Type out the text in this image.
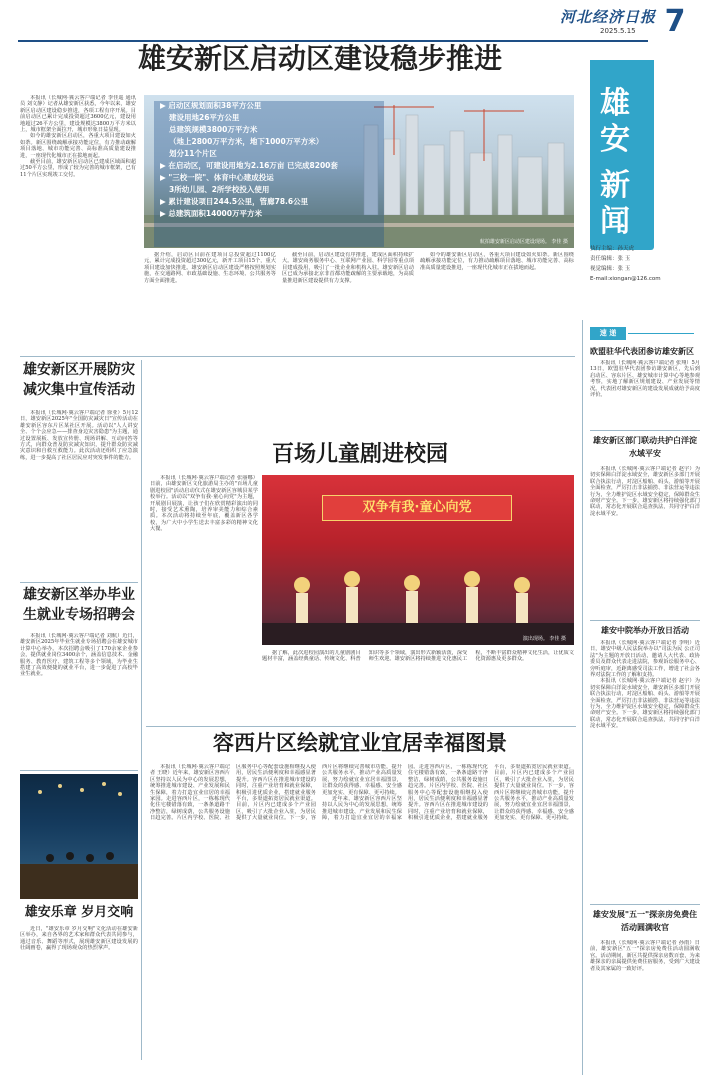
河北经济日报
2025.5.15 7
雄
安
新
闻
执行主编：孙天虎
责任编辑：张 玉
视觉编辑：张 玉
E-mail:xiongan@126.com
速 递
雄安新区启动区建设稳步推进

本报讯（长城网·冀云客户端记者 李佳遥 通讯员 刘文静）记者从雄安新区获悉，今年以来，雄安新区启动区建设稳步推进，各项工程有序开展。目前启动区已累计完成投资超过3600亿元，建设用地超过26平方公里，建设规模达3800万平方米以上，城市框架全面拉开，城市形象日益显现。

如今的雄安新区启动区，各重大项目建设如火如荼。新区围绕疏解承接功能定位，有力推动疏解项目落地、城市功能完善、高标准高质量建设推进，一座现代化城市正在拔地而起。

截至目前，雄安新区启动区已建成区域面积超过50平方公里，形成了较为完善的城市框架，已有11个片区实现竣工交付。

航拍雄安新区启动区建设现场。 李佳 摄
▶ 启动区规划面积38平方公里
建设用地26平方公里
总建筑规模3800万平方米
（地上2800万平方米，地下1000万平方米）
划分11个片区
▶ 在启动区，可建设用地为2.16万亩 已完成8200套
▶ "三校一院"、体育中心建成投运
3所幼儿园、2所学校投入使用
▶ 累计建设项目244.5公里，管廊78.6公里
▶ 总建筑面积14000万平方米

据介绍，启动区目前在建项目总投资超过1100亿元，累计完成投资超过300亿元，新开工项目15个，重大项目建设加快推进。雄安新区启动区建设严格按照规划实施，在交通路网、市政基础设施、生态环境、公共服务等方面全面推进。

截至目前，启动区建设有序推进，建成区面积持续扩大。雄安商务服务中心、互联网产业园、科学园等重点项目建成投用，吸引了一批企业和机构入驻。雄安新区启动区已成为承接北京非首都功能疏解的主要承载地，为高质量推进新区建设提供有力支撑。

如今的雄安新区启动区，各重大项目建设如火如荼。新区围绕疏解承接功能定位，有力推动疏解项目落地、城市功能完善、高标准高质量建设推进，一座现代化城市正在拔地而起。

雄安新区开展防灾减灾集中宣传活动

本报讯（长城网·冀云客户端记者 徐亚）5月12日，雄安新区2025年"全国防灾减灾日"宣传活动在雄安新区容东片区某社区开展。活动以"人人讲安全、个个会应急——排查身边灾害隐患"为主题，通过设置展板、发放宣传册、现场讲解、互动问答等方式，向群众普及防灾减灾知识，提升群众防灾减灾意识和自救互救能力。此次活动还组织了应急演练，进一步提高了社区居民应对突发事件的能力。

雄安新区举办毕业生就业专场招聘会

本报讯（长城网·冀云客户端记者 刘航）近日，雄安新区2025年毕业生就业专场招聘会在雄安城市计算中心举办。本次招聘会吸引了170余家企业参会，提供就业岗位3400余个，涵盖信息技术、金融服务、教育医疗、建筑工程等多个领域，为毕业生搭建了高效便捷的就业平台，进一步促进了高校毕业生就业。

雄安乐章 岁月交响

近日，"雄安乐章 岁月交响"文化活动在雄安新区举办，来自各界的艺术家和群众代表共同参与，通过音乐、舞蹈等形式，展现雄安新区建设发展的壮阔画卷，赢得了现场观众的热烈掌声。

百场儿童剧进校园

本报讯（长城网·冀云客户端记者 张丽娜）日前，由雄安新区文化旅游局主办的"百场儿童剧进校园"活动启动仪式在雄安新区容城县某学校举行。活动以"双争有我·童心向党"为主题，开展剧目展演，让孩子们在欣赏精彩演出的同时，接受艺术熏陶，培养审美能力和综合素质。本次活动将持续至年底，覆盖新区各学校，为广大中小学生送去丰富多彩的精神文化大餐。

双争有我·童心向党
演出现场。 李佳 摄

据了解，此次进校园演出的儿童剧剧目题材丰富，涵盖经典童话、传统文化、科普知识等多个领域，演出形式新颖活泼，深受师生欢迎。雄安新区将持续推进文化惠民工程，不断丰富群众精神文化生活，让优质文化资源惠及更多群众。

容西片区绘就宜业宜居幸福图景

本报讯（长城网·冀云客户端记者 王晓）近年来，雄安新区容西片区坚持以人民为中心的发展思想，统筹推进城市建设、产业发展和民生保障，着力打造宜业宜居的幸福家园。走进容西片区，一栋栋现代化住宅楼错落有致，一条条道路干净整洁，绿树成荫，公共服务设施日趋完善。片区内学校、医院、社区服务中心等配套设施相继投入使用，居民生活便利度和幸福感显著提升。容西片区在推进城市建设的同时，注重产业培育和就业保障，积极引进优质企业，搭建就业服务平台，多渠道拓宽居民就业渠道。目前，片区内已建成多个产业园区，吸引了大批企业入驻，为居民提供了大量就业岗位。下一步，容西片区将继续完善城市功能，提升公共服务水平，推动产业高质量发展，努力绘就宜业宜居幸福图景，让群众的获得感、幸福感、安全感更加充实、更有保障、更可持续。

近年来，雄安新区容西片区坚持以人民为中心的发展思想，统筹推进城市建设、产业发展和民生保障，着力打造宜业宜居的幸福家园。走进容西片区，一栋栋现代化住宅楼错落有致，一条条道路干净整洁，绿树成荫，公共服务设施日趋完善。片区内学校、医院、社区服务中心等配套设施相继投入使用，居民生活便利度和幸福感显著提升。容西片区在推进城市建设的同时，注重产业培育和就业保障，积极引进优质企业，搭建就业服务平台，多渠道拓宽居民就业渠道。目前，片区内已建成多个产业园区，吸引了大批企业入驻，为居民提供了大量就业岗位。下一步，容西片区将继续完善城市功能，提升公共服务水平，推动产业高质量发展，努力绘就宜业宜居幸福图景，让群众的获得感、幸福感、安全感更加充实、更有保障、更可持续。

欧盟驻华代表团参访雄安新区

本报讯（长城网·冀云客户端记者 张翔）5月13日，欧盟驻华代表团参访雄安新区，先后到启动区、容东片区、雄安城市计算中心等地参观考察，实地了解新区规划建设、产业发展等情况。代表团对雄安新区的建设发展成就给予高度评价。

雄安新区部门联动共护白洋淀水域平安

本报讯（长城网·冀云客户端记者 赵宇）为切实保障白洋淀水域安全，雄安新区多部门开展联合执法行动，对淀区船舶、码头、游船等开展全面检查，严厉打击非法捕捞、非法营运等违法行为，全力维护淀区水域安全稳定，保障群众生命财产安全。下一步，雄安新区将持续强化部门联动，常态化开展联合巡查执法，共同守护白洋淀水域平安。

雄安中院举办开放日活动

本报讯（长城网·冀云客户端记者 李明）近日，雄安中级人民法院举办以"司法为民 公正司法"为主题的开放日活动，邀请人大代表、政协委员及群众代表走进法院，参观诉讼服务中心、旁听庭审，近距离感受司法工作，增进了社会各界对法院工作的了解和支持。

本报讯（长城网·冀云客户端记者 赵宇）为切实保障白洋淀水域安全，雄安新区多部门开展联合执法行动，对淀区船舶、码头、游船等开展全面检查，严厉打击非法捕捞、非法营运等违法行为，全力维护淀区水域安全稳定，保障群众生命财产安全。下一步，雄安新区将持续强化部门联动，常态化开展联合巡查执法，共同守护白洋淀水域平安。

雄安发展"五一"探亲房免费住活动圆满收官

本报讯（长城网·冀云客户端记者 孙雨）日前，雄安新区"五一"探亲房免费住活动圆满收官。活动期间，新区共提供探亲房数百套，为来雄探亲的亲属提供免费住宿服务，受到广大建设者及其家属的一致好评。
